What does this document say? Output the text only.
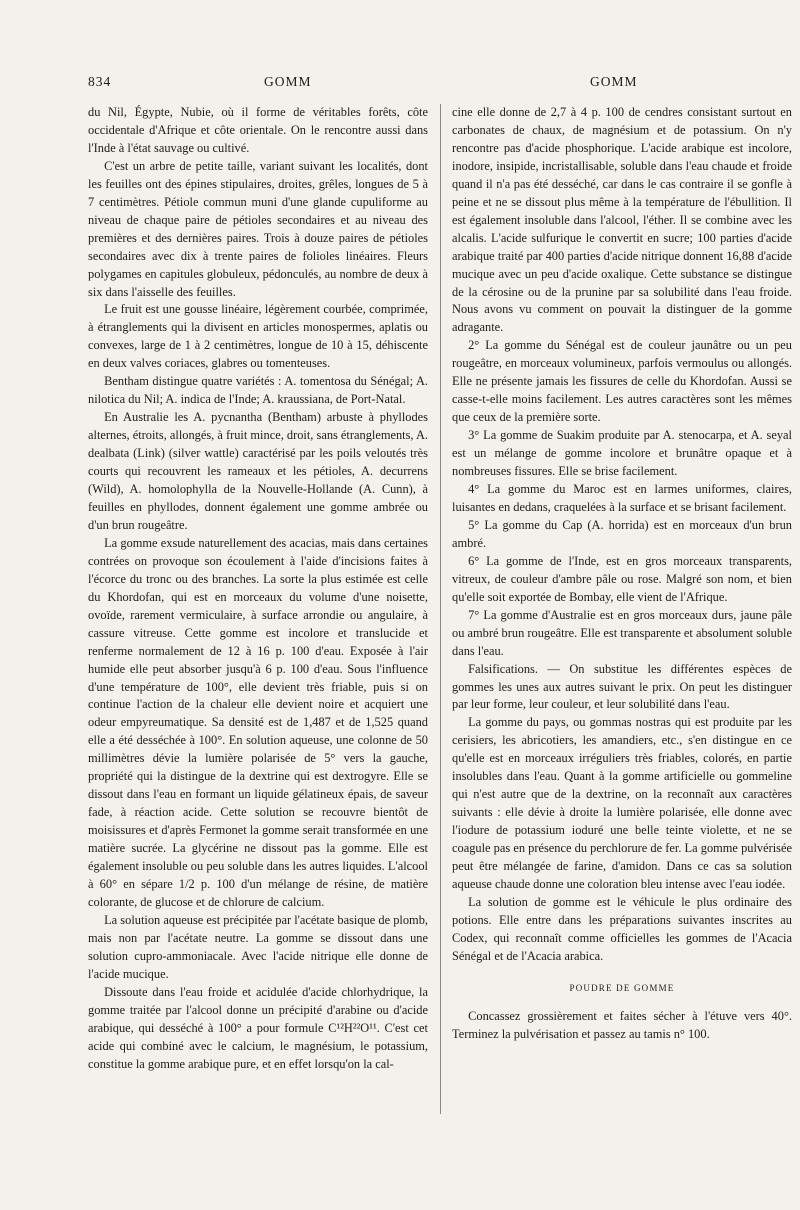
834	GOMM	GOMM

du Nil, Égypte, Nubie, où il forme de véritables forêts, côte occidentale d'Afrique et côte orientale. On le rencontre aussi dans l'Inde à l'état sauvage ou cultivé.

C'est un arbre de petite taille, variant suivant les localités, dont les feuilles ont des épines stipulaires, droites, grêles, longues de 5 à 7 centimètres. Pétiole commun muni d'une glande cupuliforme au niveau de chaque paire de pétioles secondaires et au niveau des premières et des dernières paires. Trois à douze paires de pétioles secondaires avec dix à trente paires de folioles linéaires. Fleurs polygames en capitules globuleux, pédonculés, au nombre de deux à six dans l'aisselle des feuilles.

Le fruit est une gousse linéaire, légèrement courbée, comprimée, à étranglements qui la divisent en articles monospermes, aplatis ou convexes, large de 1 à 2 centimètres, longue de 10 à 15, déhiscente en deux valves coriaces, glabres ou tomenteuses.

Bentham distingue quatre variétés : A. tomentosa du Sénégal; A. nilotica du Nil; A. indica de l'Inde; A. kraussiana, de Port-Natal.

En Australie les A. pycnantha (Bentham) arbuste à phyllodes alternes, étroits, allongés, à fruit mince, droit, sans étranglements, A. dealbata (Link) (silver wattle) caractérisé par les poils veloutés très courts qui recouvrent les rameaux et les pétioles, A. decurrens (Wild), A. homolophylla de la Nouvelle-Hollande (A. Cunn), à feuilles en phyllodes, donnent également une gomme ambrée ou d'un brun rougeâtre.

La gomme exsude naturellement des acacias, mais dans certaines contrées on provoque son écoulement à l'aide d'incisions faites à l'écorce du tronc ou des branches. La sorte la plus estimée est celle du Khordofan, qui est en morceaux du volume d'une noisette, ovoïde, rarement vermiculaire, à surface arrondie ou angulaire, à cassure vitreuse. Cette gomme est incolore et translucide et renferme normalement de 12 à 16 p. 100 d'eau. Exposée à l'air humide elle peut absorber jusqu'à 6 p. 100 d'eau. Sous l'influence d'une température de 100°, elle devient très friable, puis si on continue l'action de la chaleur elle devient noire et acquiert une odeur empyreumatique. Sa densité est de 1,487 et de 1,525 quand elle a été desséchée à 100°. En solution aqueuse, une colonne de 50 millimètres dévie la lumière polarisée de 5° vers la gauche, propriété qui la distingue de la dextrine qui est dextrogyre. Elle se dissout dans l'eau en formant un liquide gélatineux épais, de saveur fade, à réaction acide. Cette solution se recouvre bientôt de moisissures et d'après Fermonet la gomme serait transformée en une matière sucrée. La glycérine ne dissout pas la gomme. Elle est également insoluble ou peu soluble dans les autres liquides. L'alcool à 60° en sépare 1/2 p. 100 d'un mélange de résine, de matière colorante, de glucose et de chlorure de calcium.

La solution aqueuse est précipitée par l'acétate basique de plomb, mais non par l'acétate neutre. La gomme se dissout dans une solution cupro-ammoniacale. Avec l'acide nitrique elle donne de l'acide mucique.

Dissoute dans l'eau froide et acidulée d'acide chlorhydrique, la gomme traitée par l'alcool donne un précipité d'arabine ou d'acide arabique, qui desséché à 100° a pour formule C¹²H²²O¹¹. C'est cet acide qui combiné avec le calcium, le magnésium, le potassium, constitue la gomme arabique pure, et en effet lorsqu'on la cal-

cine elle donne de 2,7 à 4 p. 100 de cendres consistant surtout en carbonates de chaux, de magnésium et de potassium. On n'y rencontre pas d'acide phosphorique. L'acide arabique est incolore, inodore, insipide, incristallisable, soluble dans l'eau chaude et froide quand il n'a pas été desséché, car dans le cas contraire il se gonfle à peine et ne se dissout plus même à la température de l'ébullition. Il est également insoluble dans l'alcool, l'éther. Il se combine avec les alcalis. L'acide sulfurique le convertit en sucre; 100 parties d'acide arabique traité par 400 parties d'acide nitrique donnent 16,88 d'acide mucique avec un peu d'acide oxalique. Cette substance se distingue de la cérosine ou de la prunine par sa solubilité dans l'eau froide. Nous avons vu comment on pouvait la distinguer de la gomme adragante.

2° La gomme du Sénégal est de couleur jaunâtre ou un peu rougeâtre, en morceaux volumineux, parfois vermoulus ou allongés. Elle ne présente jamais les fissures de celle du Khordofan. Aussi se casse-t-elle moins facilement. Les autres caractères sont les mêmes que ceux de la première sorte.

3° La gomme de Suakim produite par A. stenocarpa, et A. seyal est un mélange de gomme incolore et brunâtre opaque et à nombreuses fissures. Elle se brise facilement.

4° La gomme du Maroc est en larmes uniformes, claires, luisantes en dedans, craquelées à la surface et se brisant facilement.

5° La gomme du Cap (A. horrida) est en morceaux d'un brun ambré.

6° La gomme de l'Inde, est en gros morceaux transparents, vitreux, de couleur d'ambre pâle ou rose. Malgré son nom, et bien qu'elle soit exportée de Bombay, elle vient de l'Afrique.

7° La gomme d'Australie est en gros morceaux durs, jaune pâle ou ambré brun rougeâtre. Elle est transparente et absolument soluble dans l'eau.

Falsifications. — On substitue les différentes espèces de gommes les unes aux autres suivant le prix. On peut les distinguer par leur forme, leur couleur, et leur solubilité dans l'eau.

La gomme du pays, ou gommas nostras qui est produite par les cerisiers, les abricotiers, les amandiers, etc., s'en distingue en ce qu'elle est en morceaux irréguliers très friables, colorés, en partie insolubles dans l'eau. Quant à la gomme artificielle ou gommeline qui n'est autre que de la dextrine, on la reconnaît aux caractères suivants : elle dévie à droite la lumière polarisée, elle donne avec l'iodure de potassium ioduré une belle teinte violette, et ne se coagule pas en présence du perchlorure de fer. La gomme pulvérisée peut être mélangée de farine, d'amidon. Dans ce cas sa solution aqueuse chaude donne une coloration bleu intense avec l'eau iodée.

La solution de gomme est le véhicule le plus ordinaire des potions. Elle entre dans les préparations suivantes inscrites au Codex, qui reconnaît comme officielles les gommes de l'Acacia Sénégal et de l'Acacia arabica.

POUDRE DE GOMME

Concassez grossièrement et faites sécher à l'étuve vers 40°. Terminez la pulvérisation et passez au tamis n° 100.
